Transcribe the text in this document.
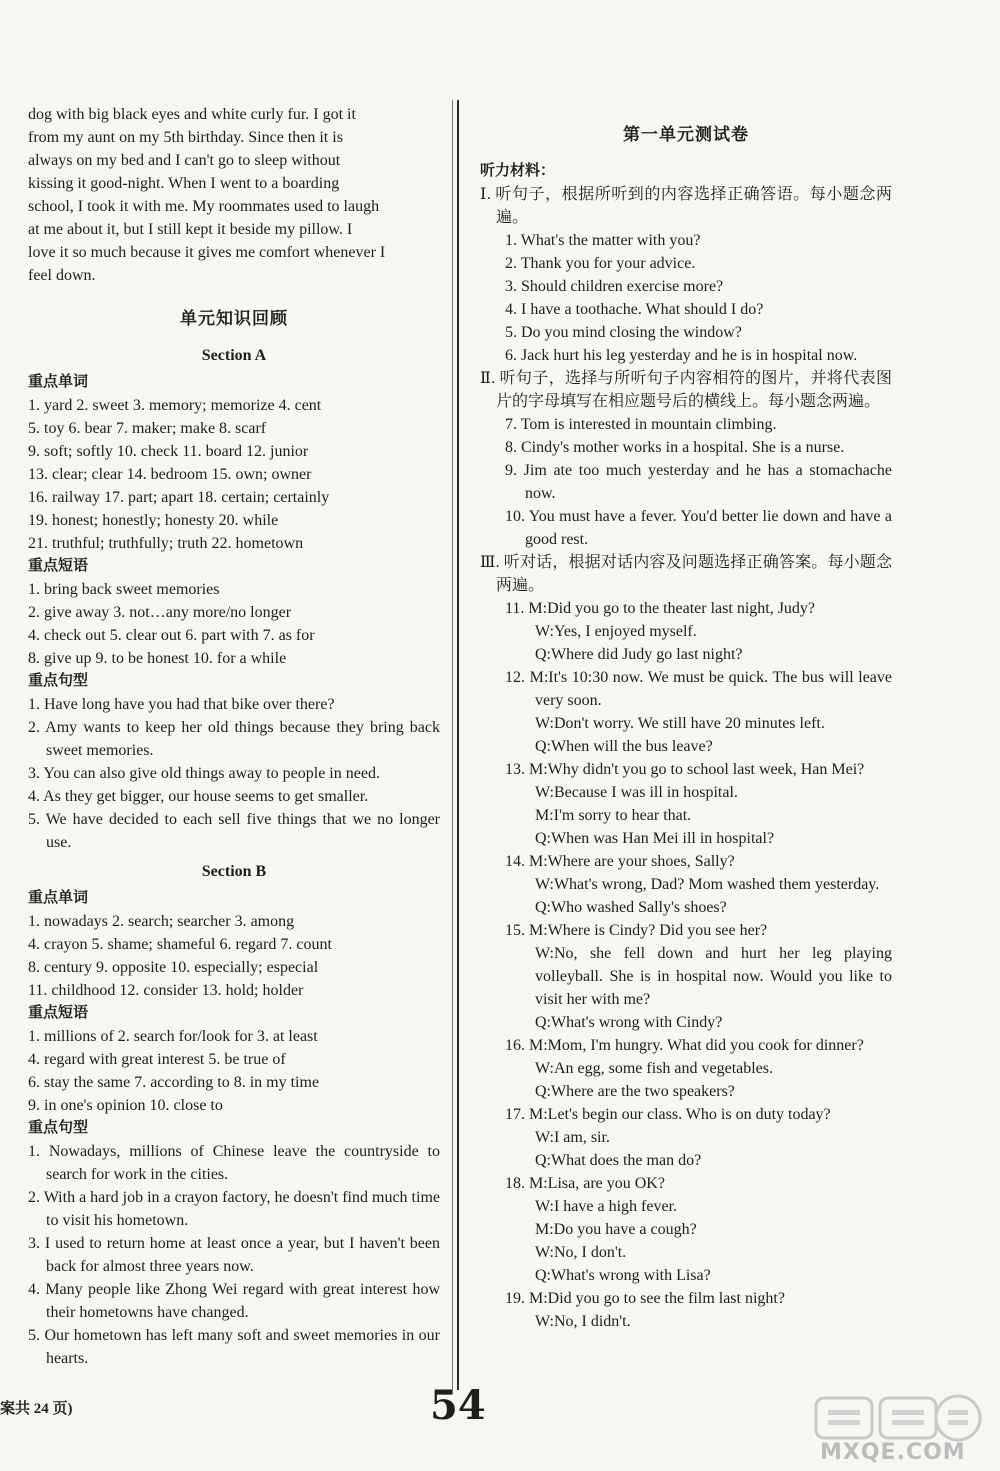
dog with big black eyes and white curly fur. I got it

from my aunt on my 5th birthday. Since then it is

always on my bed and I can't go to sleep without

kissing it good-night. When I went to a boarding

school, I took it with me. My roommates used to laugh

at me about it, but I still kept it beside my pillow. I

love it so much because it gives me comfort whenever I

feel down.

单元知识回顾

Section A

重点单词

1. yard 2. sweet 3. memory; memorize 4. cent

5. toy 6. bear 7. maker; make 8. scarf

9. soft; softly 10. check 11. board 12. junior

13. clear; clear 14. bedroom 15. own; owner

16. railway 17. part; apart 18. certain; certainly

19. honest; honestly; honesty 20. while

21. truthful; truthfully; truth 22. hometown

重点短语

1. bring back sweet memories

2. give away 3. not…any more/no longer

4. check out 5. clear out 6. part with 7. as for

8. give up 9. to be honest 10. for a while

重点句型

1. Have long have you had that bike over there?

2. Amy wants to keep her old things because they bring back sweet memories.

3. You can also give old things away to people in need.

4. As they get bigger, our house seems to get smaller.

5. We have decided to each sell five things that we no longer use.

Section B

重点单词

1. nowadays 2. search; searcher 3. among

4. crayon 5. shame; shameful 6. regard 7. count

8. century 9. opposite 10. especially; especial

11. childhood 12. consider 13. hold; holder

重点短语

1. millions of 2. search for/look for 3. at least

4. regard with great interest 5. be true of

6. stay the same 7. according to 8. in my time

9. in one's opinion 10. close to

重点句型

1. Nowadays, millions of Chinese leave the countryside to search for work in the cities.

2. With a hard job in a crayon factory, he doesn't find much time to visit his hometown.

3. I used to return home at least once a year, but I haven't been back for almost three years now.

4. Many people like Zhong Wei regard with great interest how their hometowns have changed.

5. Our hometown has left many soft and sweet memories in our hearts.

第一单元测试卷

听力材料：

Ⅰ. 听句子，根据所听到的内容选择正确答语。每小题念两遍。

1. What's the matter with you?

2. Thank you for your advice.

3. Should children exercise more?

4. I have a toothache. What should I do?

5. Do you mind closing the window?

6. Jack hurt his leg yesterday and he is in hospital now.

Ⅱ. 听句子，选择与所听句子内容相符的图片，并将代表图片的字母填写在相应题号后的横线上。每小题念两遍。

7. Tom is interested in mountain climbing.

8. Cindy's mother works in a hospital. She is a nurse.

9. Jim ate too much yesterday and he has a stomachache now.

10. You must have a fever. You'd better lie down and have a good rest.

Ⅲ. 听对话，根据对话内容及问题选择正确答案。每小题念两遍。

11. M:Did you go to the theater last night, Judy?

W:Yes, I enjoyed myself.

Q:Where did Judy go last night?

12. M:It's 10:30 now. We must be quick. The bus will leave very soon.

W:Don't worry. We still have 20 minutes left.

Q:When will the bus leave?

13. M:Why didn't you go to school last week, Han Mei?

W:Because I was ill in hospital.

M:I'm sorry to hear that.

Q:When was Han Mei ill in hospital?

14. M:Where are your shoes, Sally?

W:What's wrong, Dad? Mom washed them yesterday.

Q:Who washed Sally's shoes?

15. M:Where is Cindy? Did you see her?

W:No, she fell down and hurt her leg playing volleyball. She is in hospital now. Would you like to visit her with me?

Q:What's wrong with Cindy?

16. M:Mom, I'm hungry. What did you cook for dinner?

W:An egg, some fish and vegetables.

Q:Where are the two speakers?

17. M:Let's begin our class. Who is on duty today?

W:I am, sir.

Q:What does the man do?

18. M:Lisa, are you OK?

W:I have a high fever.

M:Do you have a cough?

W:No, I don't.

Q:What's wrong with Lisa?

19. M:Did you go to see the film last night?

W:No, I didn't.

案共 24 页)	54
MXQE.COM
